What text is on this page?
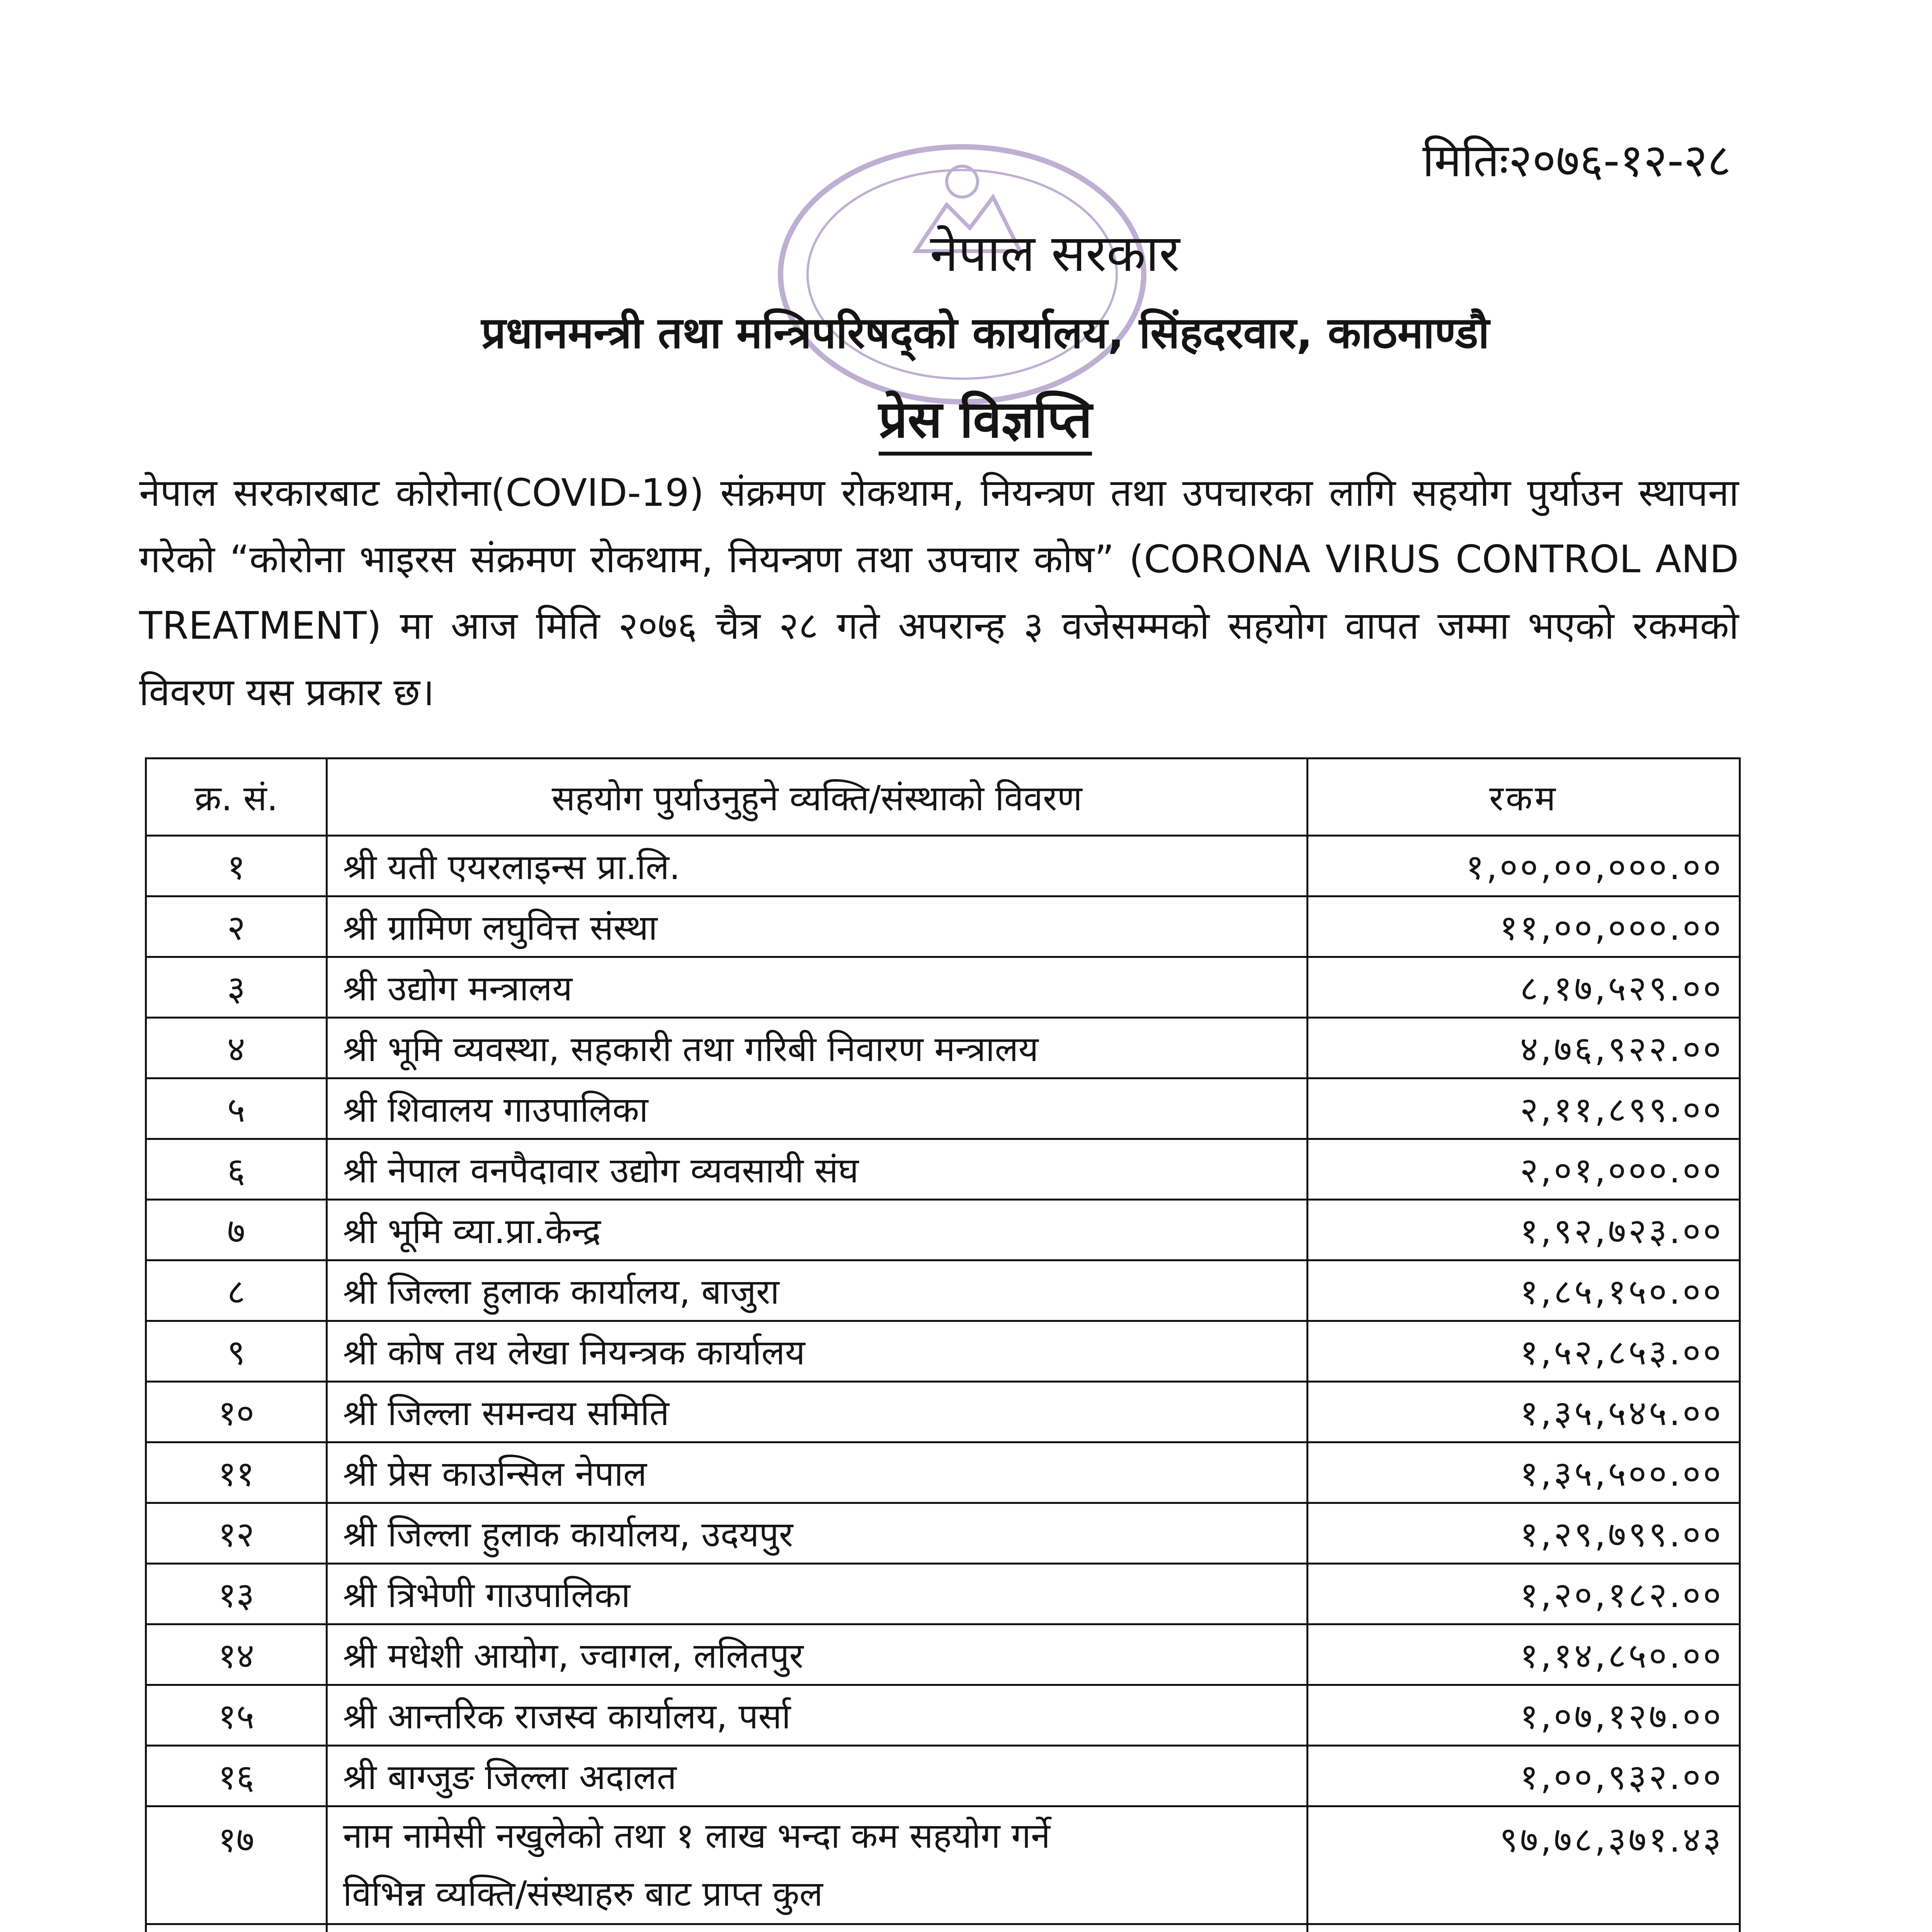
मितिः२०७६-१२-२८
नेपाल सरकार
प्रधानमन्त्री तथा मन्त्रिपरिषद्को कार्यालय, सिंहदरवार, काठमाण्डौ
प्रेस विज्ञप्ति
नेपाल सरकारबाट कोरोना(COVID-19) संक्रमण रोकथाम, नियन्त्रण तथा उपचारका लागि सहयोग पुर्याउन स्थापना गरेको “कोरोना भाइरस संक्रमण रोकथाम, नियन्त्रण तथा उपचार कोष” (CORONA VIRUS CONTROL AND TREATMENT) मा आज मिति २०७६ चैत्र २८ गते अपरान्ह ३ वजेसम्मको सहयोग वापत जम्मा भएको रकमको विवरण यस प्रकार छ।
क्र. सं.	सहयोग पुर्याउनुहुने व्यक्ति/संस्थाको विवरण	रकम
१	श्री यती एयरलाइन्स प्रा.लि.	१,००,००,०००.००
२	श्री ग्रामिण लघुवित्त संस्था	११,००,०००.००
३	श्री उद्योग मन्त्रालय	८,१७,५२९.००
४	श्री भूमि व्यवस्था, सहकारी तथा गरिबी निवारण मन्त्रालय	४,७६,९२२.००
५	श्री शिवालय गाउपालिका	२,११,८९९.००
६	श्री नेपाल वनपैदावार उद्योग व्यवसायी संघ	२,०१,०००.००
७	श्री भूमि व्या.प्रा.केन्द्र	१,९२,७२३.००
८	श्री जिल्ला हुलाक कार्यालय, बाजुरा	१,८५,१५०.००
९	श्री कोष तथ लेखा नियन्त्रक कार्यालय	१,५२,८५३.००
१०	श्री जिल्ला समन्वय समिति	१,३५,५४५.००
११	श्री प्रेस काउन्सिल नेपाल	१,३५,५००.००
१२	श्री जिल्ला हुलाक कार्यालय, उदयपुर	१,२९,७९९.००
१३	श्री त्रिभेणी गाउपालिका	१,२०,१८२.००
१४	श्री मधेशी आयोग, ज्वागल, ललितपुर	१,१४,८५०.००
१५	श्री आन्तरिक राजस्व कार्यालय, पर्सा	१,०७,१२७.००
१६	श्री बाग्जुङ जिल्ला अदालत	१,००,९३२.००
१७	नाम नामेसी नखुलेको तथा १ लाख भन्दा कम सहयोग गर्ने
विभिन्न व्यक्ति/संस्थाहरु बाट प्राप्त कुल	९७,७८,३७१.४३
